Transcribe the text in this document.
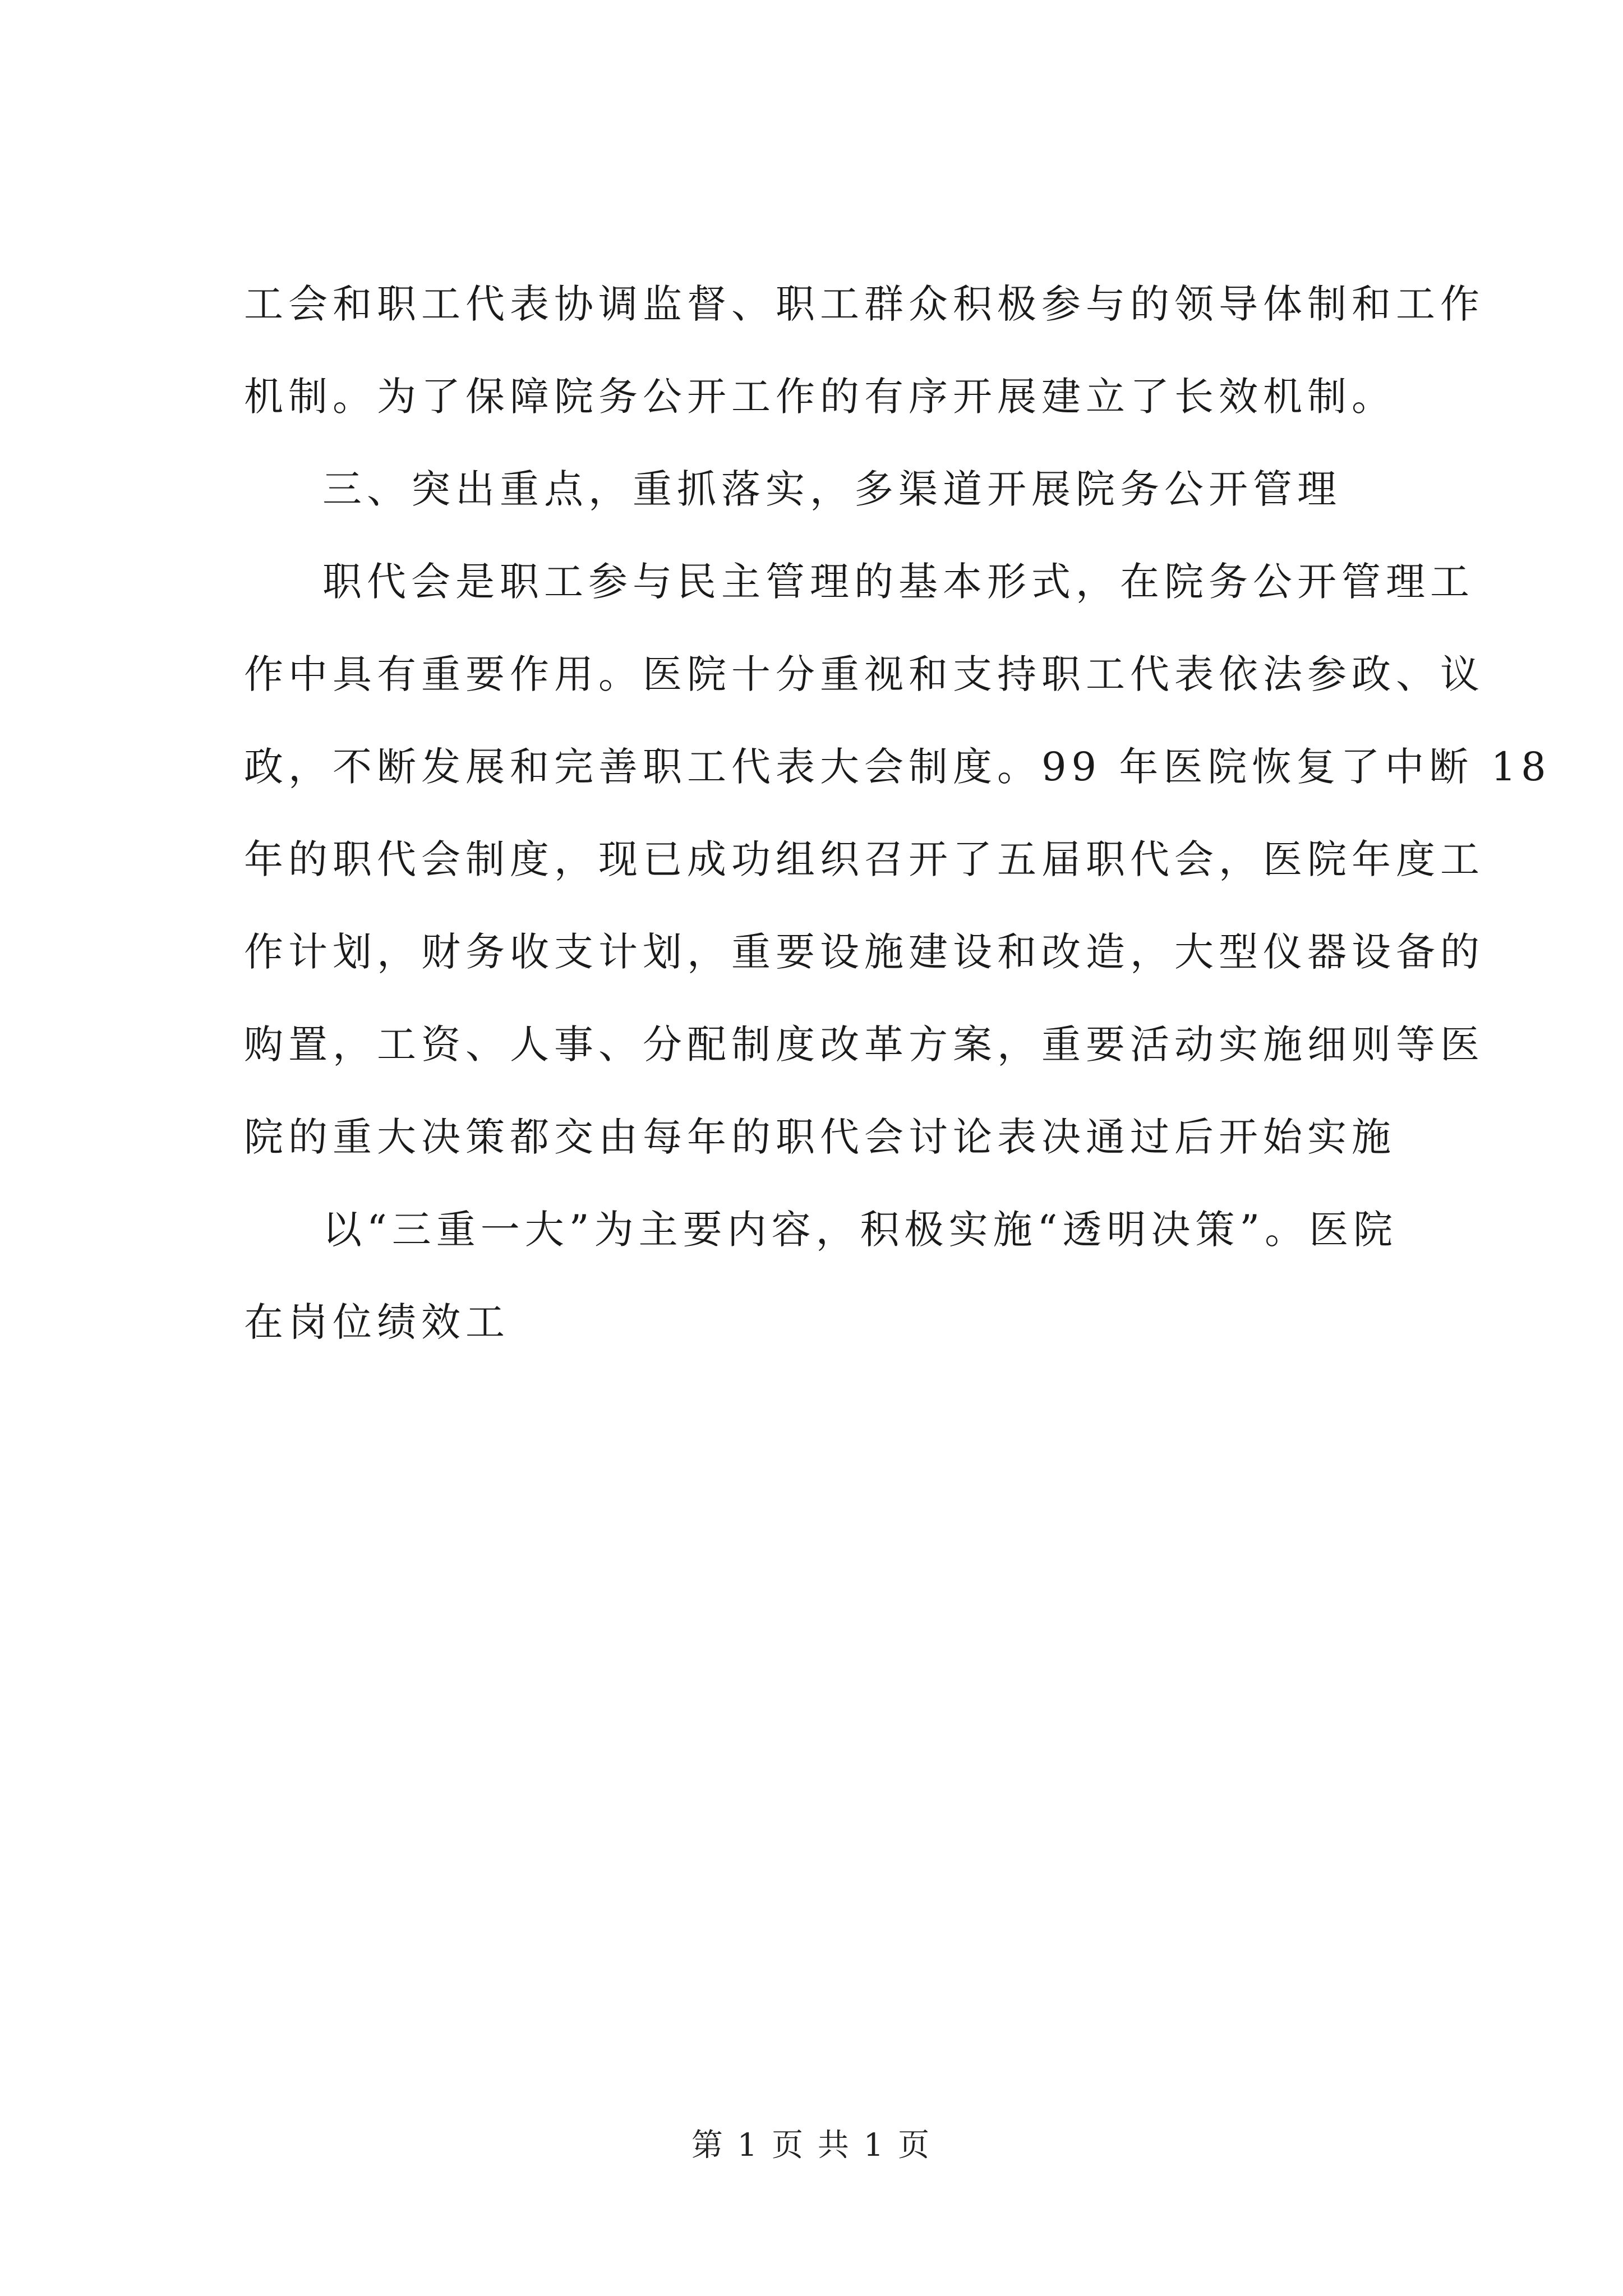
工会和职工代表协调监督、职工群众积极参与的领导体制和工作
机制。为了保障院务公开工作的有序开展建立了长效机制。
三、突出重点，重抓落实，多渠道开展院务公开管理
职代会是职工参与民主管理的基本形式，在院务公开管理工
作中具有重要作用。医院十分重视和支持职工代表依法参政、议
政，不断发展和完善职工代表大会制度。99 年医院恢复了中断 18
年的职代会制度，现已成功组织召开了五届职代会，医院年度工
作计划，财务收支计划，重要设施建设和改造，大型仪器设备的
购置，工资、人事、分配制度改革方案，重要活动实施细则等医
院的重大决策都交由每年的职代会讨论表决通过后开始实施
以“三重一大”为主要内容，积极实施“透明决策”。医院
在岗位绩效工
第 1 页 共 1 页
